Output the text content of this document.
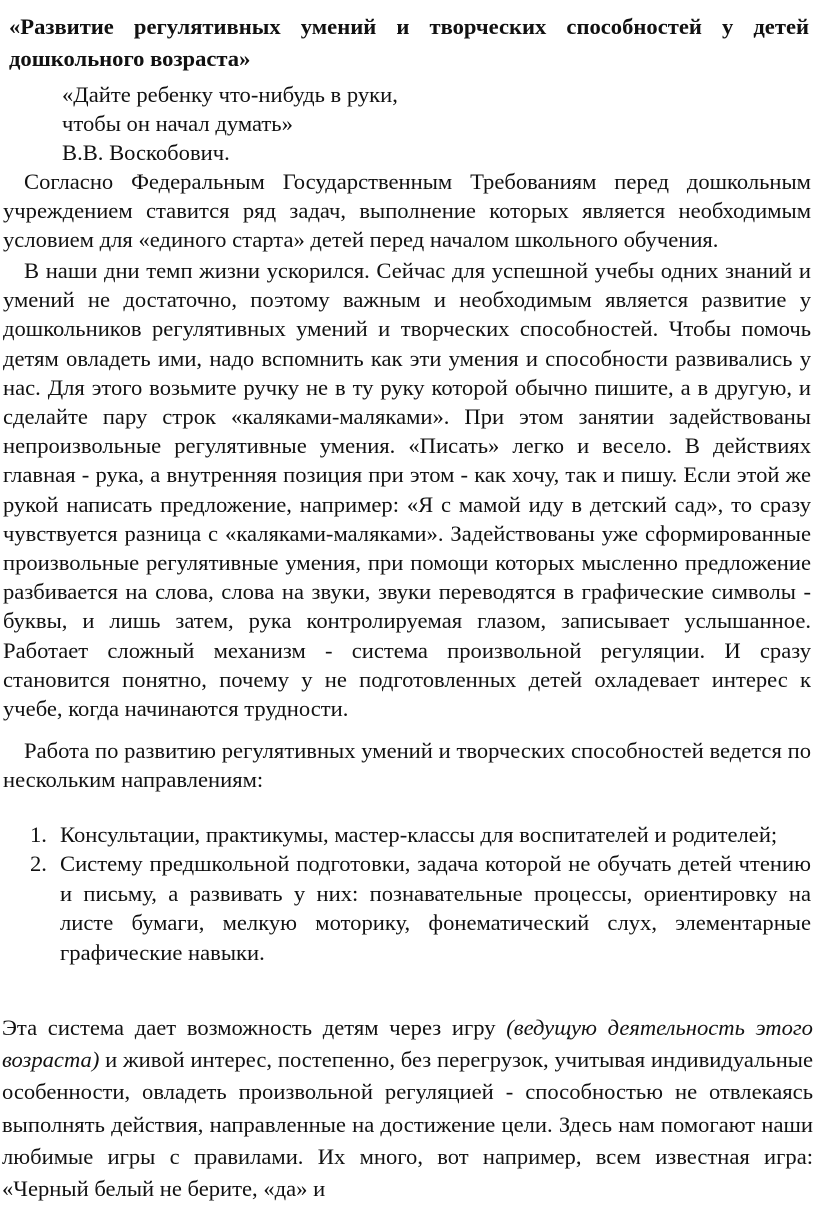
«Развитие регулятивных умений и творческих способностей у детей дошкольного возраста»
«Дайте ребенку что-нибудь в руки,
чтобы он начал думать»
В.В. Воскобович.

Согласно Федеральным Государственным Требованиям перед дошкольным учреждением ставится ряд задач, выполнение которых является необходимым условием для «единого старта» детей перед началом школьного обучения.

В наши дни темп жизни ускорился. Сейчас для успешной учебы одних знаний и умений не достаточно, поэтому важным и необходимым является развитие у дошкольников регулятивных умений и творческих способностей. Чтобы помочь детям овладеть ими, надо вспомнить как эти умения и способности развивались у нас. Для этого возьмите ручку не в ту руку которой обычно пишите, а в другую, и сделайте пару строк «каляками-маляками». При этом занятии задействованы непроизвольные регулятивные умения. «Писать» легко и весело. В действиях главная - рука, а внутренняя позиция при этом - как хочу, так и пишу. Если этой же рукой написать предложение, например: «Я с мамой иду в детский сад», то сразу чувствуется разница с «каляками-маляками». Задействованы уже сформированные произвольные регулятивные умения, при помощи которых мысленно предложение разбивается на слова, слова на звуки, звуки переводятся в графические символы - буквы, и лишь затем, рука контролируемая глазом, записывает услышанное. Работает сложный механизм - система произвольной регуляции. И сразу становится понятно, почему у не подготовленных детей охладевает интерес к учебе, когда начинаются трудности.

Работа по развитию регулятивных умений и творческих способностей ведется по нескольким направлениям:

1. Консультации, практикумы, мастер-классы для воспитателей и родителей;
2. Систему предшкольной подготовки, задача которой не обучать детей чтению и письму, а развивать у них: познавательные процессы, ориентировку на листе бумаги, мелкую моторику, фонематический слух, элементарные графические навыки.

Эта система дает возможность детям через игру (ведущую деятельность этого возраста) и живой интерес, постепенно, без перегрузок, учитывая индивидуальные особенности, овладеть произвольной регуляцией - способностью не отвлекаясь выполнять действия, направленные на достижение цели. Здесь нам помогают наши любимые игры с правилами. Их много, вот например, всем известная игра: «Черный белый не берите, «да» и
